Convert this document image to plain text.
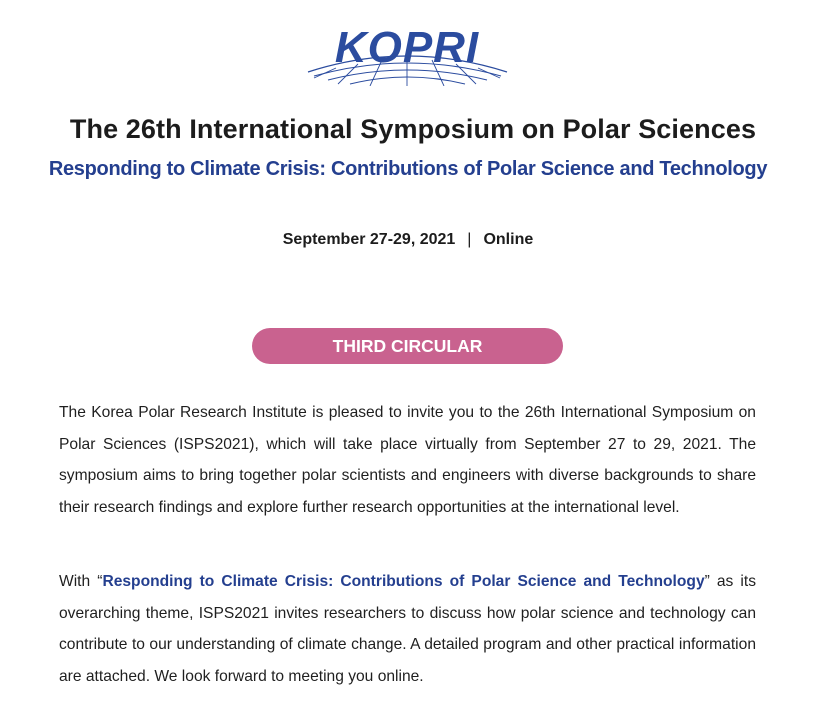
KOPRI
The 26th International Symposium on Polar Sciences
Responding to Climate Crisis: Contributions of Polar Science and Technology
September 27-29, 2021 | Online
THIRD CIRCULAR
The Korea Polar Research Institute is pleased to invite you to the 26th International Symposium on Polar Sciences (ISPS2021), which will take place virtually from September 27 to 29, 2021. The symposium aims to bring together polar scientists and engineers with diverse backgrounds to share their research findings and explore further research opportunities at the international level.
With “Responding to Climate Crisis: Contributions of Polar Science and Technology” as its overarching theme, ISPS2021 invites researchers to discuss how polar science and technology can contribute to our understanding of climate change. A detailed program and other practical information are attached. We look forward to meeting you online.
